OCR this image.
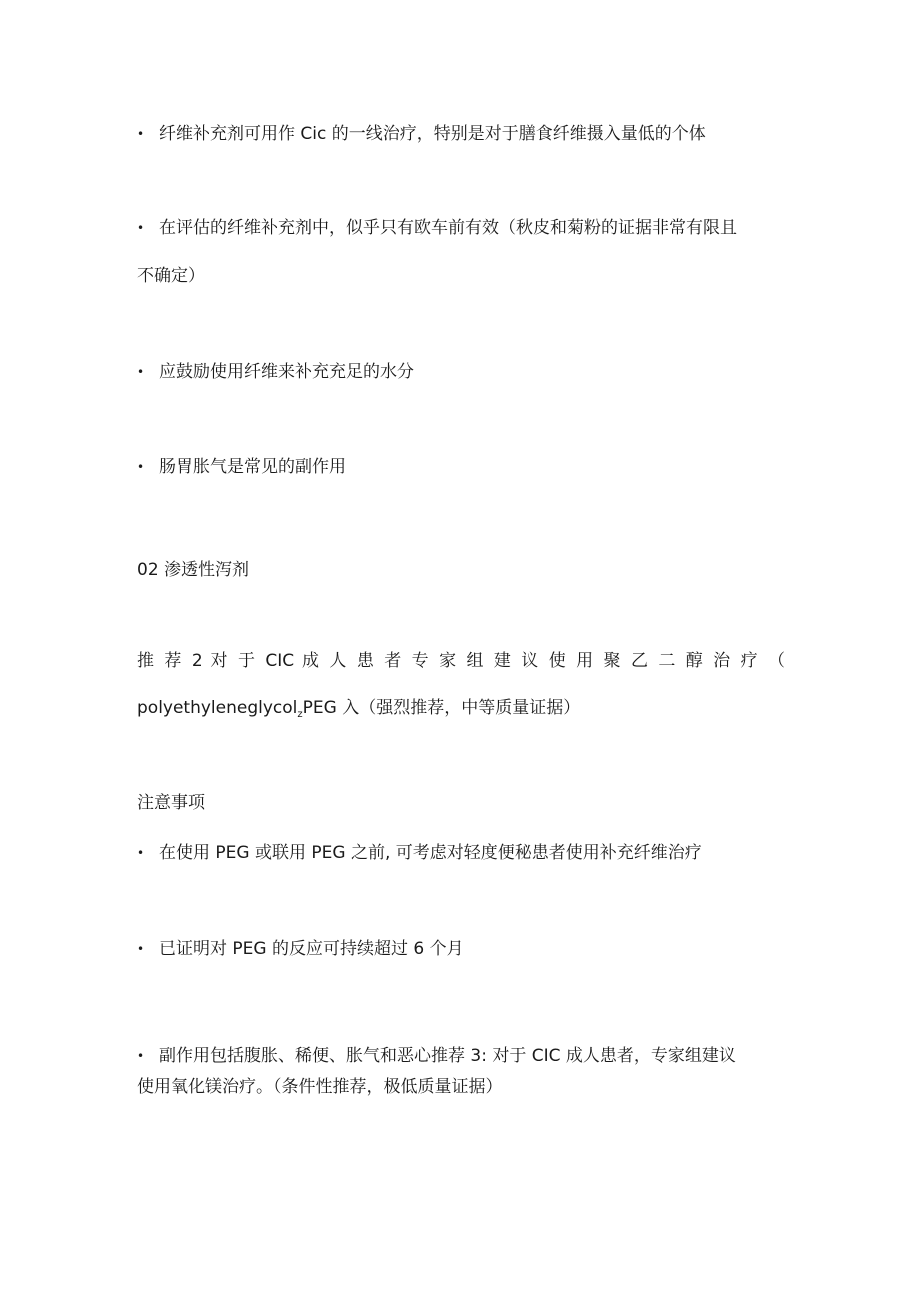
• 纤维补充剂可用作 Cic 的一线治疗，特别是对于膳食纤维摄入量低的个体
• 在评估的纤维补充剂中，似乎只有欧车前有效（秋皮和菊粉的证据非常有限且
不确定）
• 应鼓励使用纤维来补充充足的水分
• 肠胃胀气是常见的副作用
02 渗透性泻剂
推 荐 2 对 于 CIC 成 人 患 者 专 家 组 建 议 使 用 聚 乙 二 醇 治 疗 （
polyethyleneglycol$_z$PEG 入（强烈推荐，中等质量证据）
注意事项
• 在使用 PEG 或联用 PEG 之前, 可考虑对轻度便秘患者使用补充纤维治疗
• 已证明对 PEG 的反应可持续超过 6 个月
• 副作用包括腹胀、稀便、胀气和恶心推荐 3: 对于 CIC 成人患者，专家组建议
使用氧化镁治疗。（条件性推荐，极低质量证据）
